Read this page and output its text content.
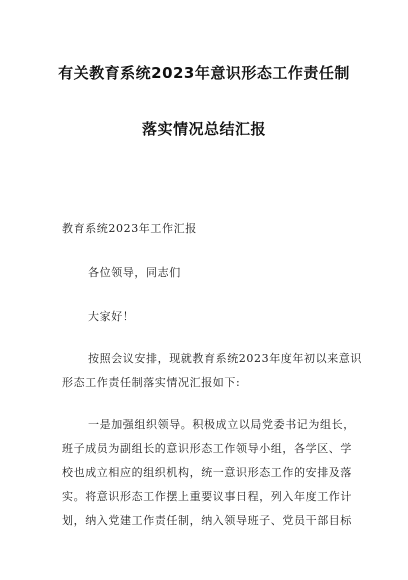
有关教育系统2023年意识形态工作责任制
落实情况总结汇报
教育系统2023年工作汇报
各位领导，同志们
大家好！
按照会议安排，现就教育系统2023年度年初以来意识
形态工作责任制落实情况汇报如下:
一是加强组织领导。积极成立以局党委书记为组长，
班子成员为副组长的意识形态工作领导小组，各学区、学
校也成立相应的组织机构，统一意识形态工作的安排及落
实。将意识形态工作摆上重要议事日程，列入年度工作计
划，纳入党建工作责任制，纳入领导班子、党员干部目标
